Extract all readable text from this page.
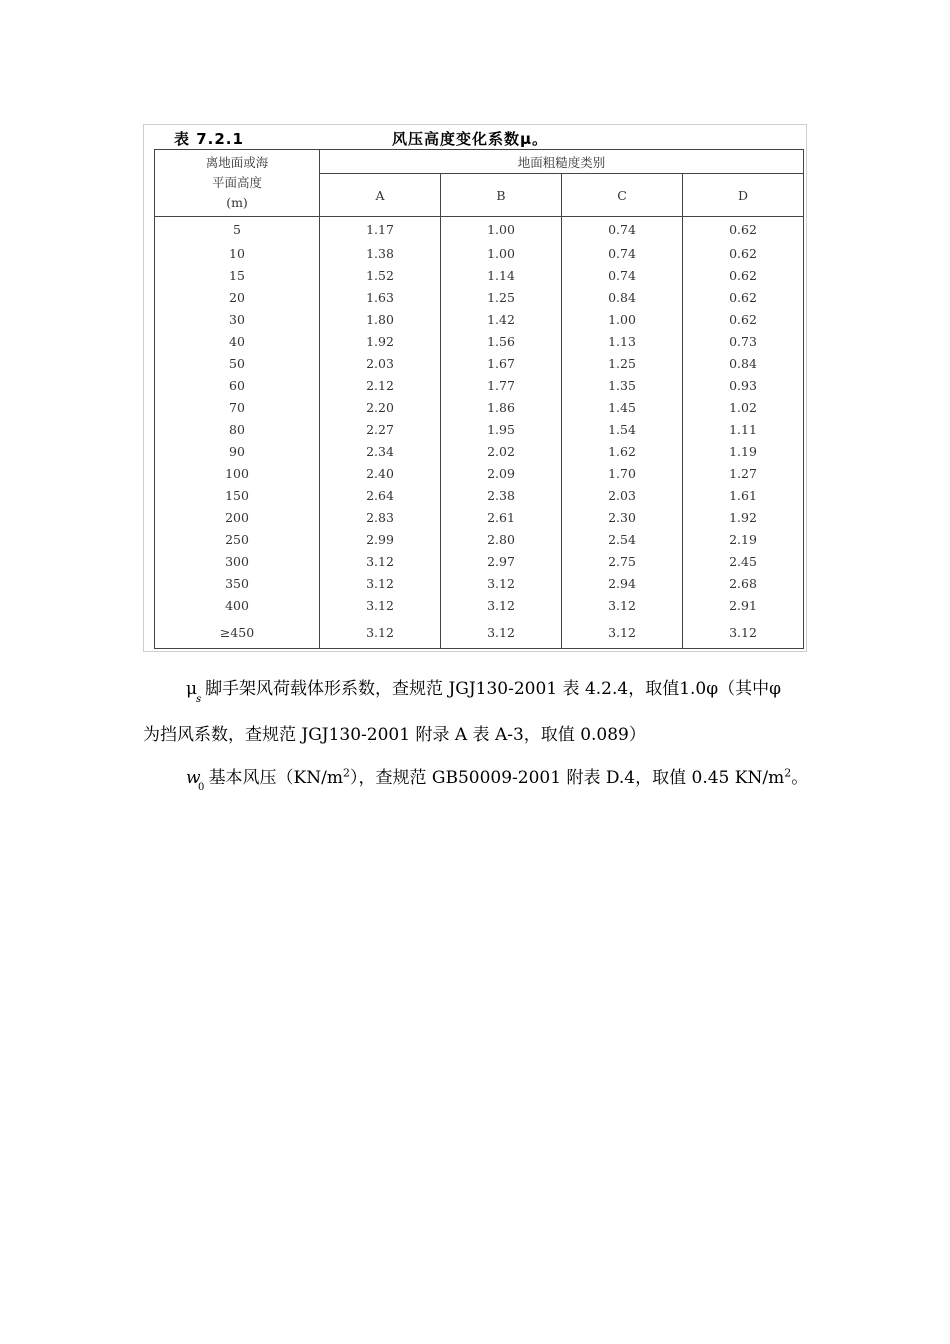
表 7.2.1	风压高度变化系数μ。
离地面或海
平面高度
(m)	地面粗糙度类别			
	A	B	C	D
5	1.17	1.00	0.74	0.62
10	1.38	1.00	0.74	0.62
15	1.52	1.14	0.74	0.62
20	1.63	1.25	0.84	0.62
30	1.80	1.42	1.00	0.62
40	1.92	1.56	1.13	0.73
50	2.03	1.67	1.25	0.84
60	2.12	1.77	1.35	0.93
70	2.20	1.86	1.45	1.02
80	2.27	1.95	1.54	1.11
90	2.34	2.02	1.62	1.19
100	2.40	2.09	1.70	1.27
150	2.64	2.38	2.03	1.61
200	2.83	2.61	2.30	1.92
250	2.99	2.80	2.54	2.19
300	3.12	2.97	2.75	2.45
350	3.12	3.12	2.94	2.68
400	3.12	3.12	3.12	2.91
≥450	3.12	3.12	3.12	3.12
μ
s
脚手架风荷载体形系数，查规范 JGJ130-2001 表 4.2.4，取值1.0φ（其中φ
为挡风系数，查规范 JGJ130-2001 附录 A 表 A-3，取值 0.089）
w
0 基本风压$(KN/m^2)$，查规范 GB50009-2001 附表 D.4，取值 0.45 $KN/m^2$。
